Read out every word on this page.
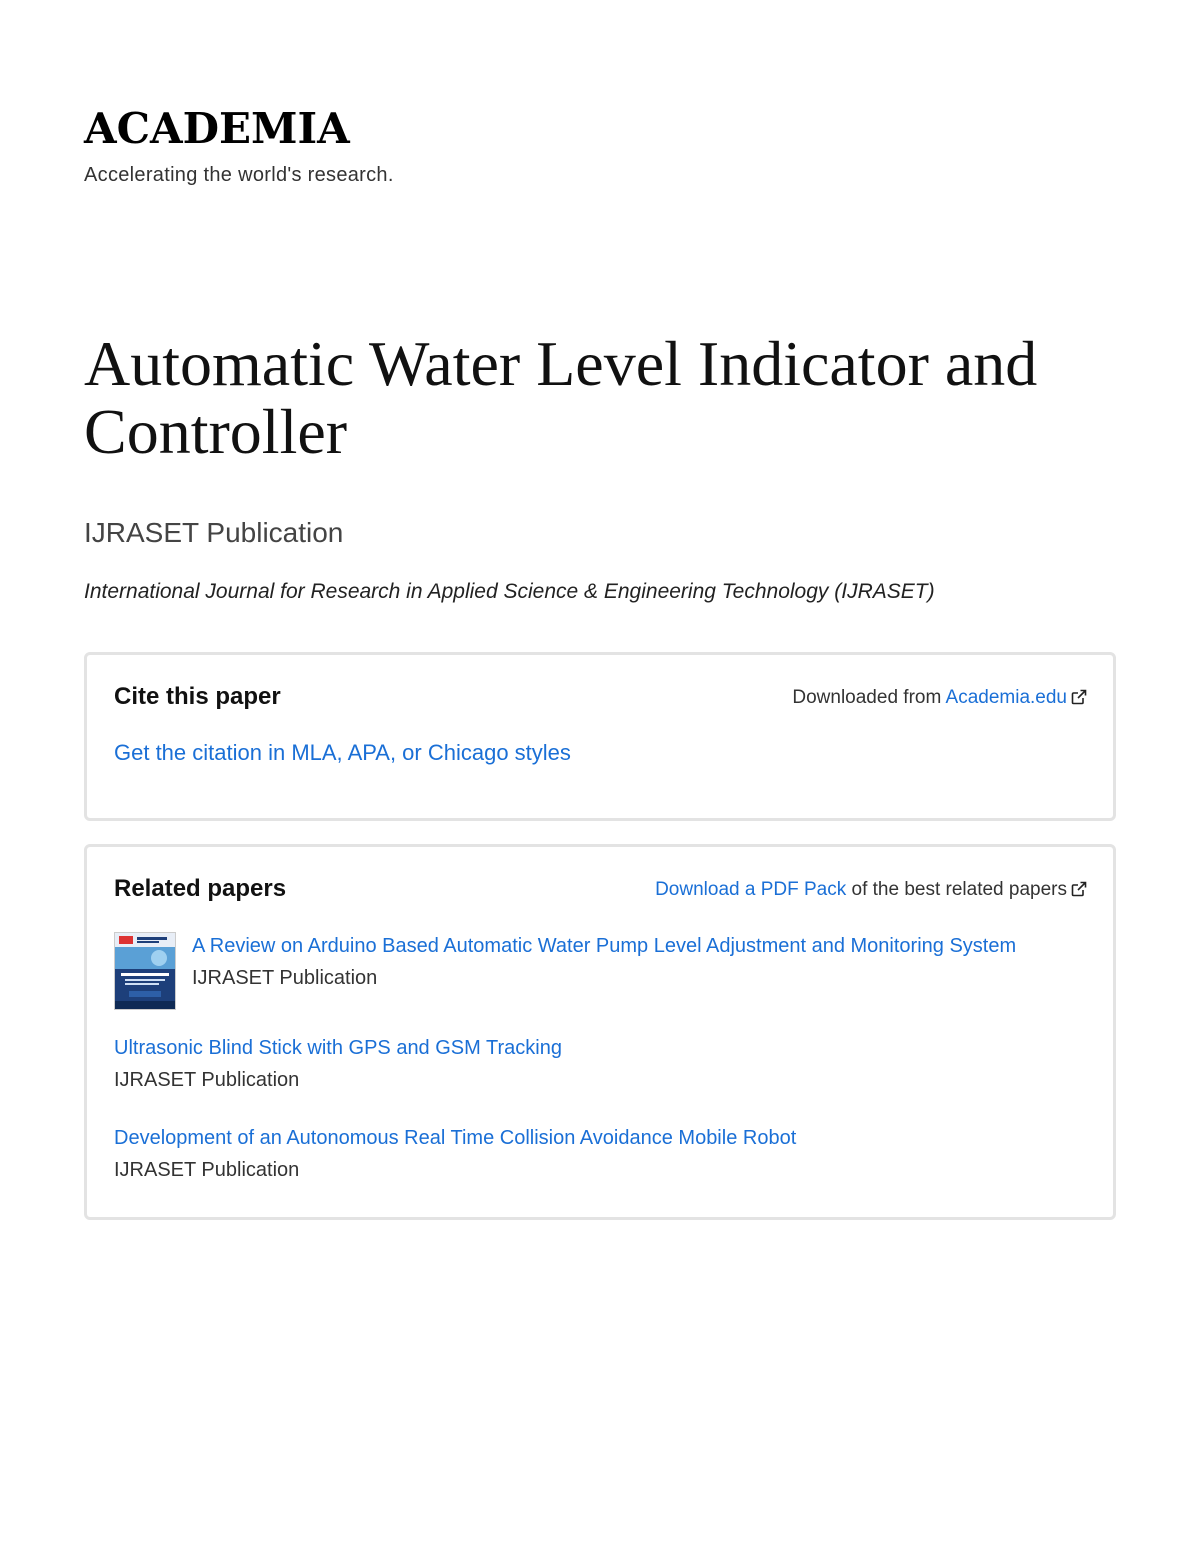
ACADEMIA
Accelerating the world's research.
Automatic Water Level Indicator and Controller
IJRASET Publication
International Journal for Research in Applied Science & Engineering Technology (IJRASET)
Cite this paper	Downloaded from Academia.edu
Get the citation in MLA, APA, or Chicago styles
Related papers	Download a PDF Pack of the best related papers
A Review on Arduino Based Automatic Water Pump Level Adjustment and Monitoring System
IJRASET Publication
Ultrasonic Blind Stick with GPS and GSM Tracking
IJRASET Publication
Development of an Autonomous Real Time Collision Avoidance Mobile Robot
IJRASET Publication
